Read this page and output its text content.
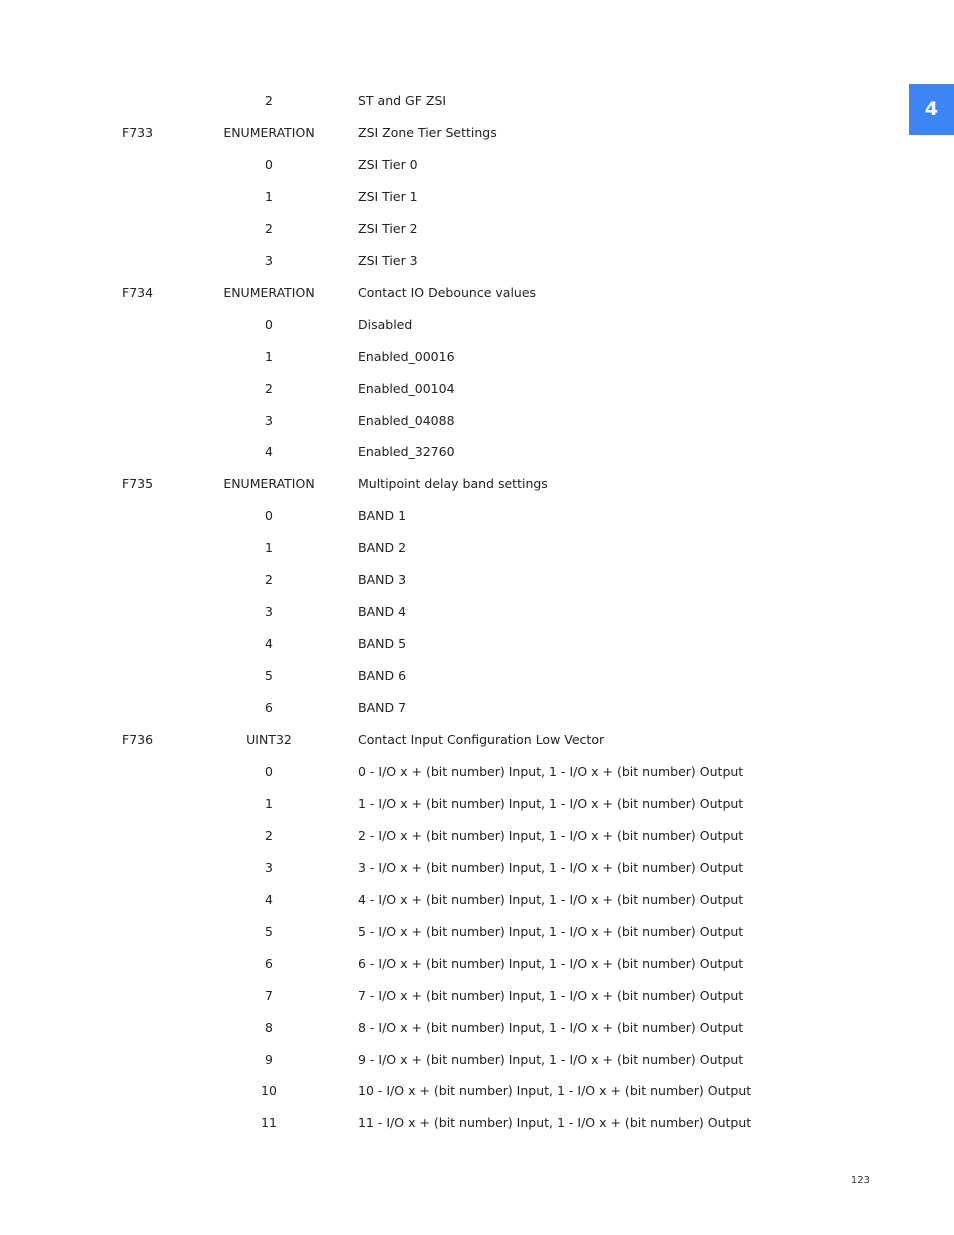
4
2	ST and GF ZSI
F733	ENUMERATION	ZSI Zone Tier Settings
0	ZSI Tier 0
1	ZSI Tier 1
2	ZSI Tier 2
3	ZSI Tier 3
F734	ENUMERATION	Contact IO Debounce values
0	Disabled
1	Enabled_00016
2	Enabled_00104
3	Enabled_04088
4	Enabled_32760
F735	ENUMERATION	Multipoint delay band settings
0	BAND 1
1	BAND 2
2	BAND 3
3	BAND 4
4	BAND 5
5	BAND 6
6	BAND 7
F736	UINT32	Contact Input Configuration Low Vector
0	0 - I/O x + (bit number) Input, 1 - I/O x + (bit number) Output
1	1 - I/O x + (bit number) Input, 1 - I/O x + (bit number) Output
2	2 - I/O x + (bit number) Input, 1 - I/O x + (bit number) Output
3	3 - I/O x + (bit number) Input, 1 - I/O x + (bit number) Output
4	4 - I/O x + (bit number) Input, 1 - I/O x + (bit number) Output
5	5 - I/O x + (bit number) Input, 1 - I/O x + (bit number) Output
6	6 - I/O x + (bit number) Input, 1 - I/O x + (bit number) Output
7	7 - I/O x + (bit number) Input, 1 - I/O x + (bit number) Output
8	8 - I/O x + (bit number) Input, 1 - I/O x + (bit number) Output
9	9 - I/O x + (bit number) Input, 1 - I/O x + (bit number) Output
10	10 - I/O x + (bit number) Input, 1 - I/O x + (bit number) Output
11	11 - I/O x + (bit number) Input, 1 - I/O x + (bit number) Output
123
